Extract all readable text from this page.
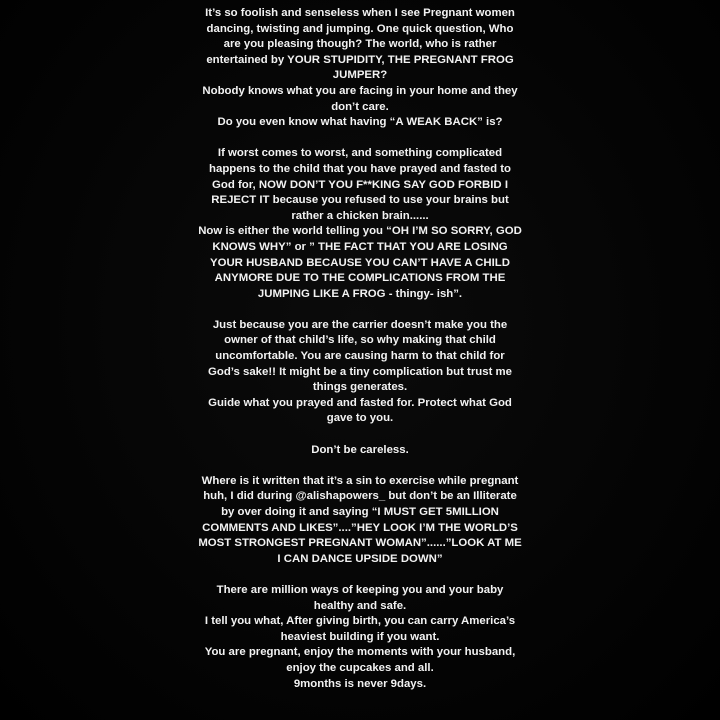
It’s so foolish and senseless when I see Pregnant women
dancing, twisting and jumping. One quick question, Who
are you pleasing though? The world, who is rather
entertained by YOUR STUPIDITY, THE PREGNANT FROG
JUMPER?
Nobody knows what you are facing in your home and they
don’t care.
Do you even know what having “A WEAK BACK” is?
If worst comes to worst, and something complicated
happens to the child that you have prayed and fasted to
God for, NOW DON’T YOU F**KING SAY GOD FORBID I
REJECT IT because you refused to use your brains but
rather a chicken brain......
Now is either the world telling you “OH I’M SO SORRY, GOD
KNOWS WHY” or ” THE FACT THAT YOU ARE LOSING
YOUR HUSBAND BECAUSE YOU CAN’T HAVE A CHILD
ANYMORE DUE TO THE COMPLICATIONS FROM THE
JUMPING LIKE A FROG - thingy- ish”.
Just because you are the carrier doesn’t make you the
owner of that child’s life, so why making that child
uncomfortable. You are causing harm to that child for
God’s sake!! It might be a tiny complication but trust me
things generates.
Guide what you prayed and fasted for. Protect what God
gave to you.
Don’t be careless.
Where is it written that it’s a sin to exercise while pregnant
huh, I did during @alishapowers_ but don’t be an Illiterate
by over doing it and saying “I MUST GET 5MILLION
COMMENTS AND LIKES”....”HEY LOOK I’M THE WORLD’S
MOST STRONGEST PREGNANT WOMAN”......”LOOK AT ME
I CAN DANCE UPSIDE DOWN”
There are million ways of keeping you and your baby
healthy and safe.
I tell you what, After giving birth, you can carry America’s
heaviest building if you want.
You are pregnant, enjoy the moments with your husband,
enjoy the cupcakes and all.
9months is never 9days.
